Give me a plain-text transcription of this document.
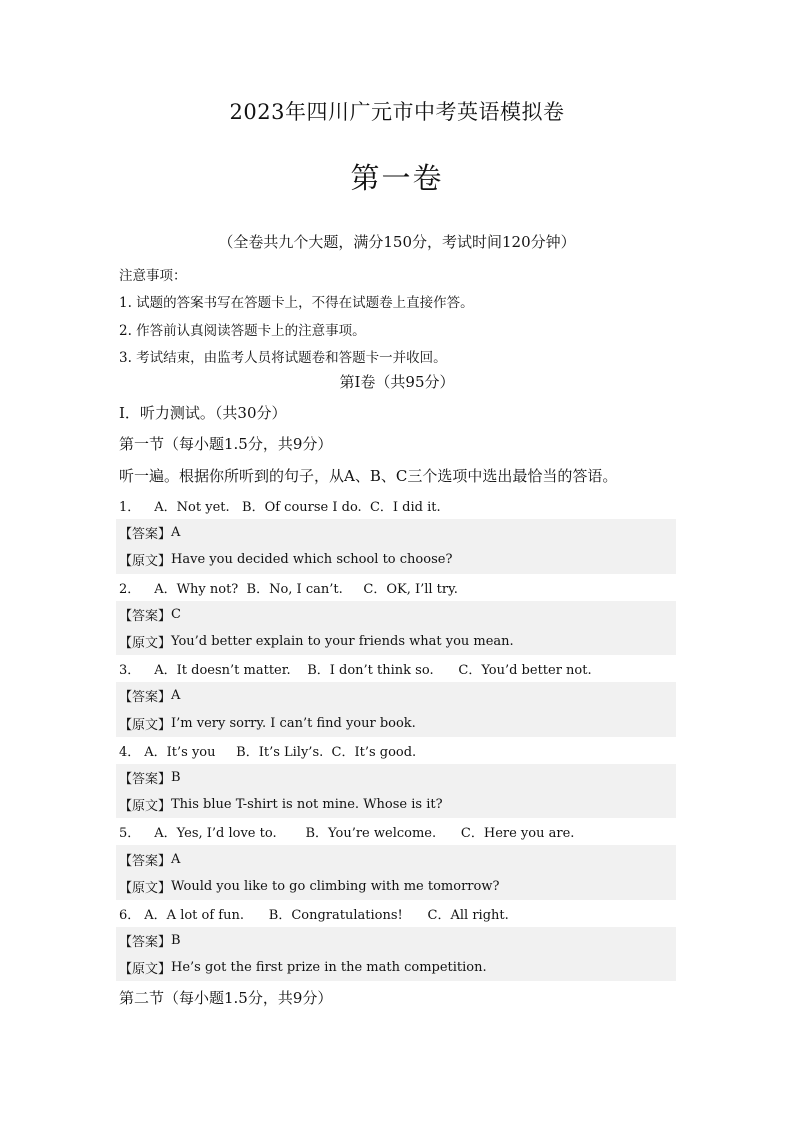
2023年四川广元市中考英语模拟卷
第一卷
（全卷共九个大题，满分150分，考试时间120分钟）
注意事项：
1. 试题的答案书写在答题卡上，不得在试题卷上直接作答。
2. 作答前认真阅读答题卡上的注意事项。
3. 考试结束，由监考人员将试题卷和答题卡一并收回。
第I卷（共95分）
Ⅰ．听力测试。（共30分）
第一节（每小题1.5分，共9分）
听一遍。根据你所听到的句子，从A、B、C三个选项中选出最恰当的答语。
1． A．Not yet.   B．Of course I do.  C．I did it.
【答案】 A
【原文】 Have you decided which school to choose?
2． A．Why not?  B．No, I can’t.     C．OK, I’ll try.
【答案】 C
【原文】 You’d better explain to your friends what you mean.
3． A．It doesn’t matter.    B．I don’t think so.      C．You’d better not.
【答案】 A
【原文】 I’m very sorry. I can’t find your book.
4． A．It’s you     B．It’s Lily’s.  C．It’s good.
【答案】 B
【原文】 This blue T-shirt is not mine. Whose is it?
5． A．Yes, I’d love to.       B．You’re welcome.      C．Here you are.
【答案】 A
【原文】 Would you like to go climbing with me tomorrow?
6． A．A lot of fun.      B．Congratulations!      C．All right.
【答案】 B
【原文】 He’s got the first prize in the math competition.
第二节（每小题1.5分，共9分）
